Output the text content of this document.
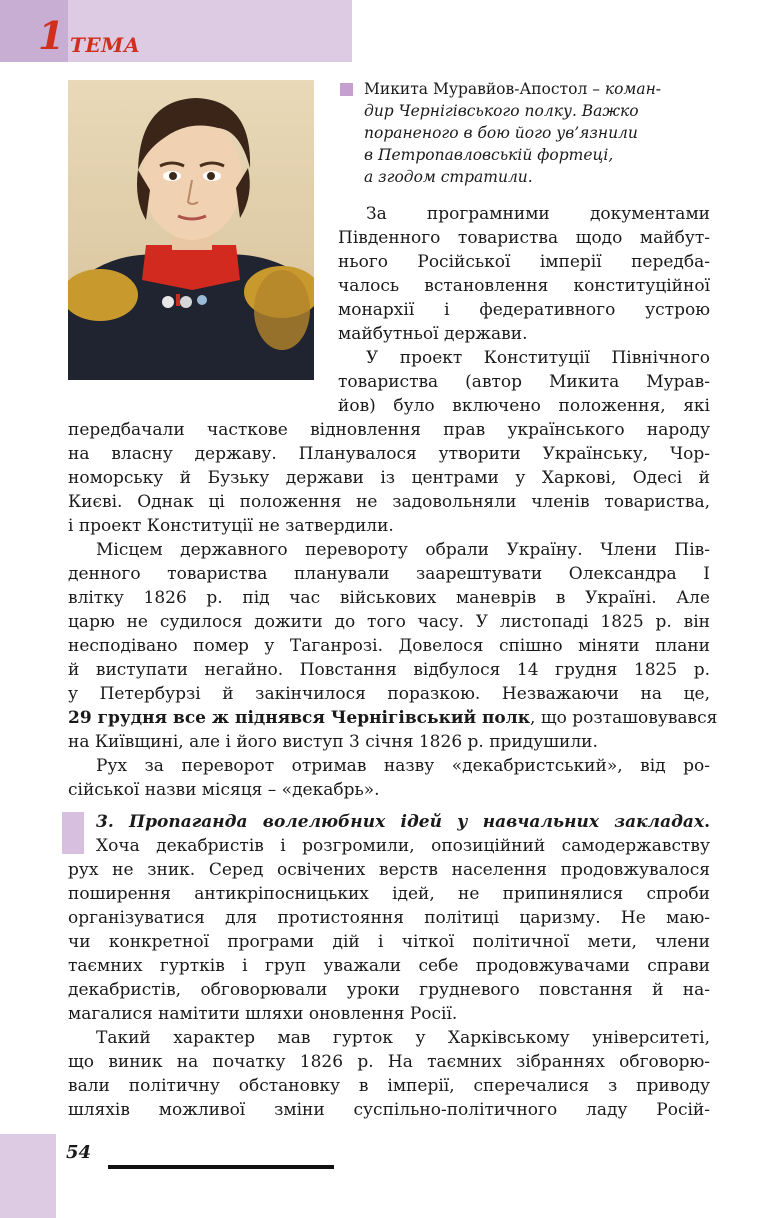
1 ТЕМА
Микита Муравйов-Апостол – коман-
дир Чернігівського полку. Важко
пораненого в бою його ув’язнили
в Петропавловській фортеці,
а згодом стратили.
За програмними документами
Південного товариства щодо майбут-
нього Російської імперії передба-
чалось встановлення конституційної
монархії і федеративного устрою
майбутньої держави.
У проект Конституції Північного
товариства (автор Микита Мурав-
йов) було включено положення, які
передбачали часткове відновлення прав українського народу
на власну державу. Планувалося утворити Українську, Чор-
номорську й Бузьку держави із центрами у Харкові, Одесі й
Києві. Однак ці положення не задовольняли членів товариства,
і проект Конституції не затвердили.
Місцем державного перевороту обрали Україну. Члени Пів-
денного товариства планували заарештувати Олександра I
влітку 1826 р. під час військових маневрів в Україні. Але
царю не судилося дожити до того часу. У листопаді 1825 р. він
несподівано помер у Таганрозі. Довелося спішно міняти плани
й виступати негайно. Повстання відбулося 14 грудня 1825 р.
у Петербурзі й закінчилося поразкою. Незважаючи на це,
29 грудня все ж піднявся Чернігівський полк, що розташовувався
на Київщині, але і його виступ 3 січня 1826 р. придушили.
Рух за переворот отримав назву «декабристський», від ро-
сійської назви місяця – «декабрь».
3. Пропаганда волелюбних ідей у навчальних закладах.
Хоча декабристів і розгромили, опозиційний самодержавству
рух не зник. Серед освічених верств населення продовжувалося
поширення антикріпосницьких ідей, не припинялися спроби
організуватися для протистояння політиці царизму. Не маю-
чи конкретної програми дій і чіткої політичної мети, члени
таємних гуртків і груп уважали себе продовжувачами справи
декабристів, обговорювали уроки грудневого повстання й на-
магалися намітити шляхи оновлення Росії.
Такий характер мав гурток у Харківському університеті,
що виник на початку 1826 р. На таємних зібраннях обговорю-
вали політичну обстановку в імперії, сперечалися з приводу
шляхів можливої зміни суспільно-політичного ладу Росій-
54
